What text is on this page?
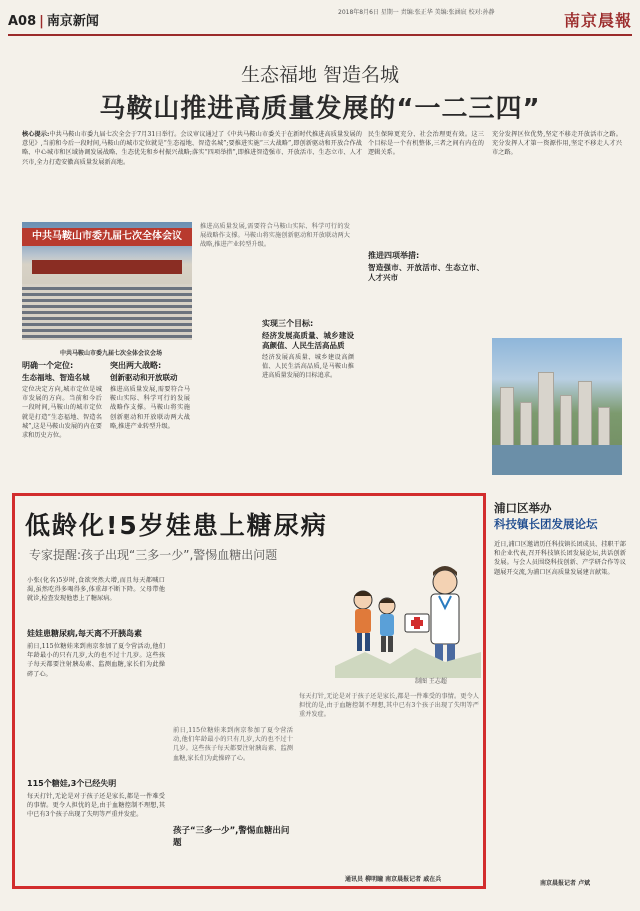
A08 | 南京新闻
2018年8月6日 星期一 责编:张正华 美编:张涵宸 校对:孙静	南京晨報
生态福地 智造名城
马鞍山推进高质量发展的“一二三四”
核心提示:中共马鞍山市委九届七次全会于7月31日举行。会议审议通过了《中共马鞍山市委关于在新时代推进高质量发展的意见》,当前和今后一段时间,马鞍山的城市定位就是“生态福地、智造名城”;要推进实施“三大战略”,即创新驱动和开放合作战略、中心城市和区域协调发展战略、生态优先和乡村振兴战略;落实“四项举措”,即推进智造强市、开放活市、生态立市、人才兴市,全力打造安徽高质量发展新高地。
中共马鞍山市委九届七次全体会议
中共马鞍山市委九届七次全体会议会场
明确一个定位:
生态福地、智造名城
定位决定方向,城市定位是城市发展的方向。当前和今后一段时间,马鞍山的城市定位就是打造“生态福地、智造名城”,这是马鞍山发展的内在要求和历史方位。
突出两大战略:
创新驱动和开放联动
推进高质量发展,需要符合马鞍山实际、科学可行的发展战略作支撑。马鞍山将实施创新驱动和开放联动两大战略,推进产业转型升级。
推进高质量发展,需要符合马鞍山实际、科学可行的发展战略作支撑。马鞍山将实施创新驱动和开放联动两大战略,推进产业转型升级。
实现三个目标:
经济发展高质量、城乡建设高颜值、人民生活高品质
经济发展高质量、城乡建设高颜值、人民生活高品质,是马鞍山推进高质量发展的目标追求。
民生保障更充分、社会治理更有效。这三个目标是一个有机整体,三者之间有内在的逻辑关系。
推进四项举措:
智造强市、开放活市、生态立市、人才兴市
充分发挥区位优势,坚定不移走开放活市之路。充分发挥人才第一资源作用,坚定不移走人才兴市之路。
低龄化!5岁娃患上糖尿病
专家提醒:孩子出现“三多一少”,警惕血糖出问题
小张(化名)5岁时,食欲突然大增,而且每天都喊口渴,虽然吃得多喝得多,体重却不断下降。父母带他就诊,检查发现他患上了糖尿病。
娃娃患糖尿病,每天离不开胰岛素
前日,115位糖娃来到南京参加了夏令营活动,他们年龄最小的只有几岁,大的也不过十几岁。这些孩子每天都要注射胰岛素、监测血糖,家长们为此操碎了心。
115个糖娃,3个已经失明
每天打针,无论是对于孩子还是家长,都是一件难受的事情。更令人担忧的是,由于血糖控制不理想,其中已有3个孩子出现了失明等严重并发症。
前日,115位糖娃来到南京参加了夏令营活动,他们年龄最小的只有几岁,大的也不过十几岁。这些孩子每天都要注射胰岛素、监测血糖,家长们为此操碎了心。
孩子“三多一少”,警惕血糖出问题
每天打针,无论是对于孩子还是家长,都是一件难受的事情。更令人担忧的是,由于血糖控制不理想,其中已有3个孩子出现了失明等严重并发症。
通讯员 柳明瞳 南京晨报记者 戚在兵
制图 王志超
浦口区举办
科技镇长团发展论坛
近日,浦口区邀请历任科技镇长团成员、挂职干部和企业代表,召开科技镇长团发展论坛,共话创新发展。与会人员围绕科技创新、产学研合作等议题展开交流,为浦口区高质量发展建言献策。
南京晨报记者 卢斌
